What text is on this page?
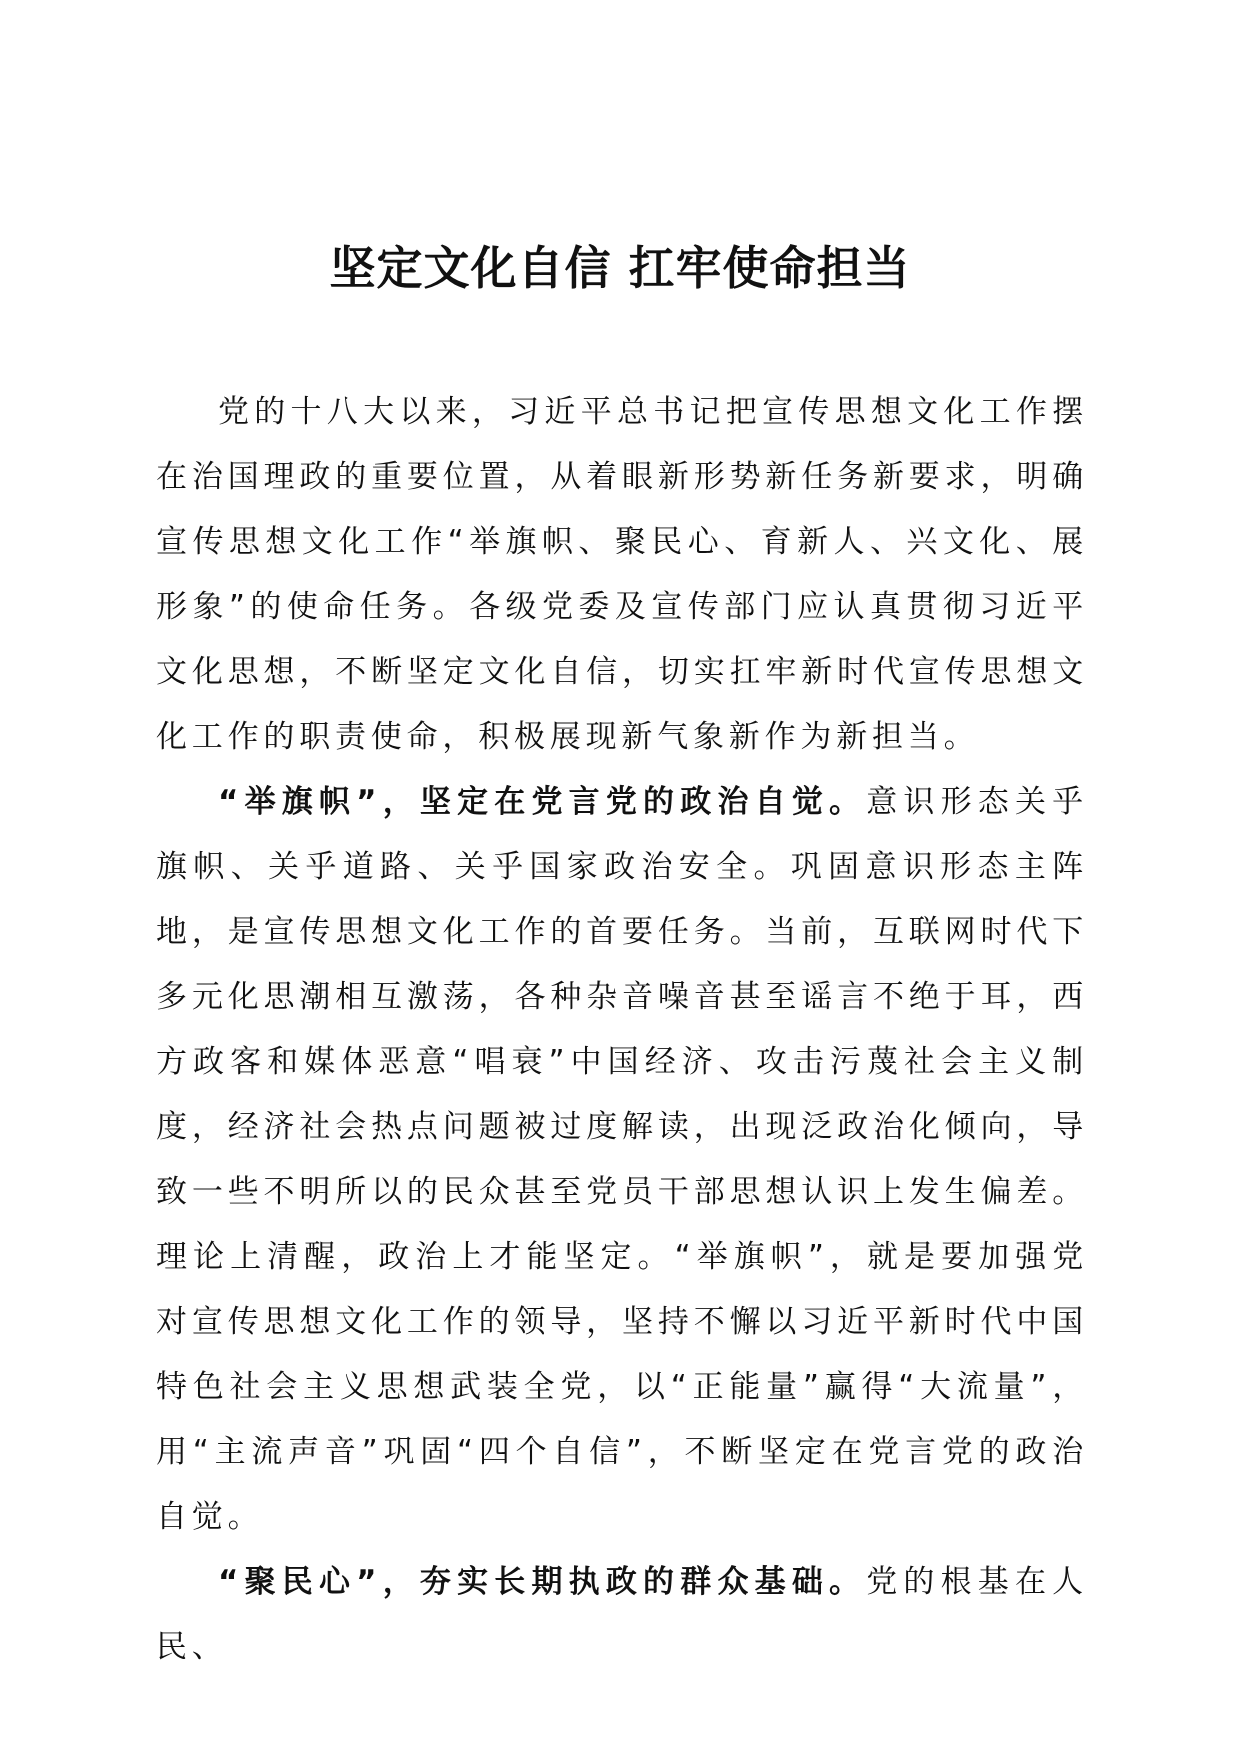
坚定文化自信 扛牢使命担当

党的十八大以来，习近平总书记把宣传思想文化工作摆在治国理政的重要位置，从着眼新形势新任务新要求，明确宣传思想文化工作“举旗帜、聚民心、育新人、兴文化、展形象”的使命任务。各级党委及宣传部门应认真贯彻习近平文化思想，不断坚定文化自信，切实扛牢新时代宣传思想文化工作的职责使命，积极展现新气象新作为新担当。

“举旗帜”，坚定在党言党的政治自觉。意识形态关乎旗帜、关乎道路、关乎国家政治安全。巩固意识形态主阵地，是宣传思想文化工作的首要任务。当前，互联网时代下多元化思潮相互激荡，各种杂音噪音甚至谣言不绝于耳，西方政客和媒体恶意“唱衰”中国经济、攻击污蔑社会主义制度，经济社会热点问题被过度解读，出现泛政治化倾向，导致一些不明所以的民众甚至党员干部思想认识上发生偏差。理论上清醒，政治上才能坚定。“举旗帜”，就是要加强党对宣传思想文化工作的领导，坚持不懈以习近平新时代中国特色社会主义思想武装全党，以“正能量”赢得“大流量”，用“主流声音”巩固“四个自信”，不断坚定在党言党的政治自觉。

“聚民心”，夯实长期执政的群众基础。党的根基在人民、
